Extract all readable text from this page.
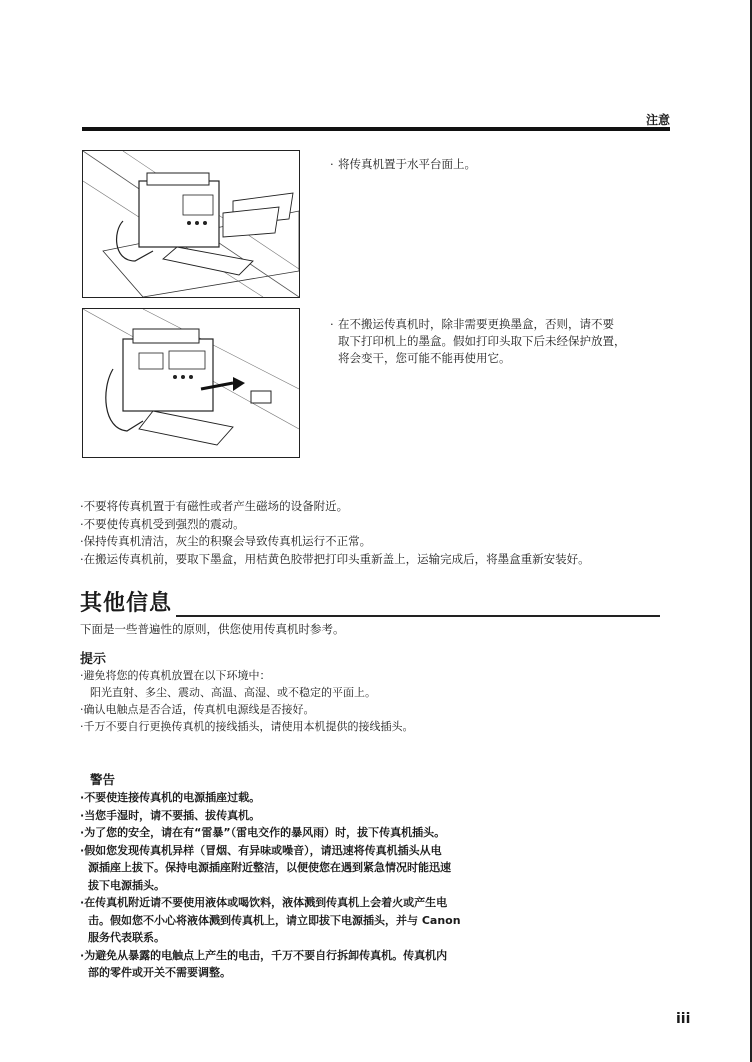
注意
· 将传真机置于水平台面上。
· 在不搬运传真机时，除非需要更换墨盒，否则，请不要
取下打印机上的墨盒。假如打印头取下后未经保护放置，
将会变干，您可能不能再使用它。
·不要将传真机置于有磁性或者产生磁场的设备附近。
·不要使传真机受到强烈的震动。
·保持传真机清洁，灰尘的积聚会导致传真机运行不正常。
·在搬运传真机前，要取下墨盒，用桔黄色胶带把打印头重新盖上，运输完成后，将墨盒重新安装好。
其他信息
下面是一些普遍性的原则，供您使用传真机时参考。
提示
·避免将您的传真机放置在以下环境中：
阳光直射、多尘、震动、高温、高湿、或不稳定的平面上。
·确认电触点是否合适，传真机电源线是否接好。
·千万不要自行更换传真机的接线插头，请使用本机提供的接线插头。
警告
·不要使连接传真机的电源插座过载。
·当您手湿时，请不要插、拔传真机。
·为了您的安全，请在有“雷暴”（雷电交作的暴风雨）时，拔下传真机插头。
·假如您发现传真机异样（冒烟、有异味或噪音），请迅速将传真机插头从电
源插座上拔下。保持电源插座附近整洁，以便使您在遇到紧急情况时能迅速
拔下电源插头。
·在传真机附近请不要使用液体或喝饮料，液体溅到传真机上会着火或产生电
击。假如您不小心将液体溅到传真机上，请立即拔下电源插头，并与 Canon
服务代表联系。
·为避免从暴露的电触点上产生的电击，千万不要自行拆卸传真机。传真机内
部的零件或开关不需要调整。
iii
